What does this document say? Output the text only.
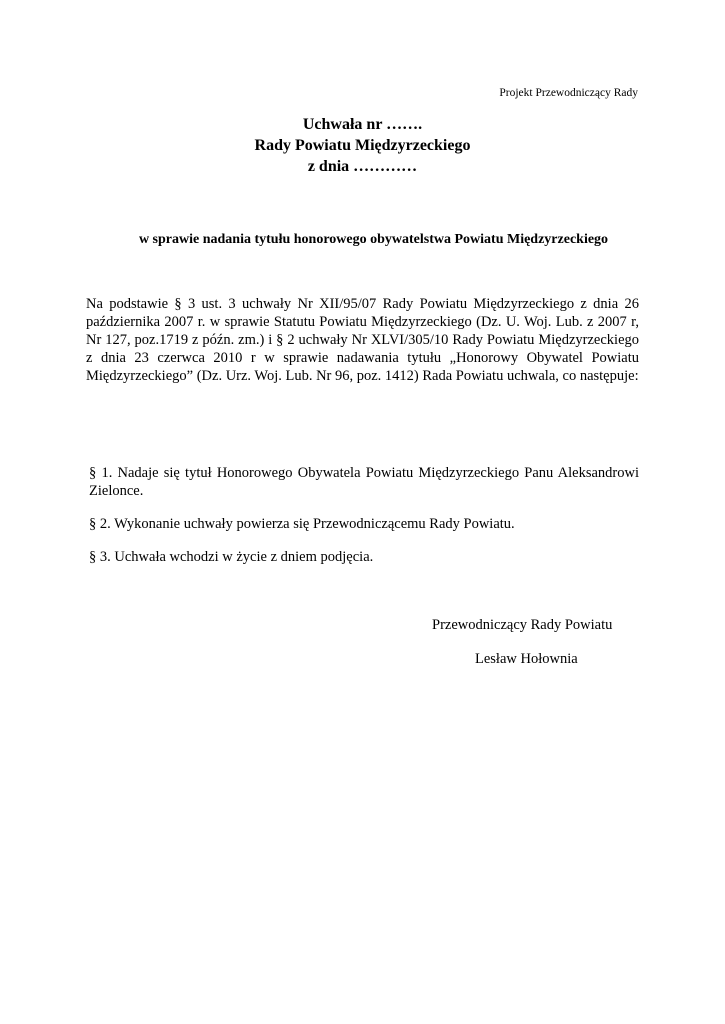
Projekt Przewodniczący Rady
Uchwała nr …….
Rady Powiatu Międzyrzeckiego
z dnia …………
w sprawie nadania tytułu honorowego obywatelstwa Powiatu Międzyrzeckiego
Na podstawie § 3 ust. 3 uchwały Nr XII/95/07 Rady Powiatu Międzyrzeckiego z dnia 26 października 2007 r. w sprawie Statutu Powiatu Międzyrzeckiego (Dz. U. Woj. Lub. z 2007 r, Nr 127, poz.1719 z późn. zm.) i § 2 uchwały Nr XLVI/305/10 Rady Powiatu Międzyrzeckiego z dnia 23 czerwca 2010 r w sprawie nadawania tytułu „Honorowy Obywatel Powiatu Międzyrzeckiego” (Dz. Urz. Woj. Lub. Nr 96, poz. 1412) Rada Powiatu uchwala, co następuje:
§ 1. Nadaje się tytuł Honorowego Obywatela Powiatu Międzyrzeckiego Panu Aleksandrowi Zielonce.
§ 2. Wykonanie uchwały powierza się Przewodniczącemu Rady Powiatu.
§ 3. Uchwała wchodzi w życie z dniem podjęcia.
Przewodniczący Rady Powiatu
Lesław Hołownia
